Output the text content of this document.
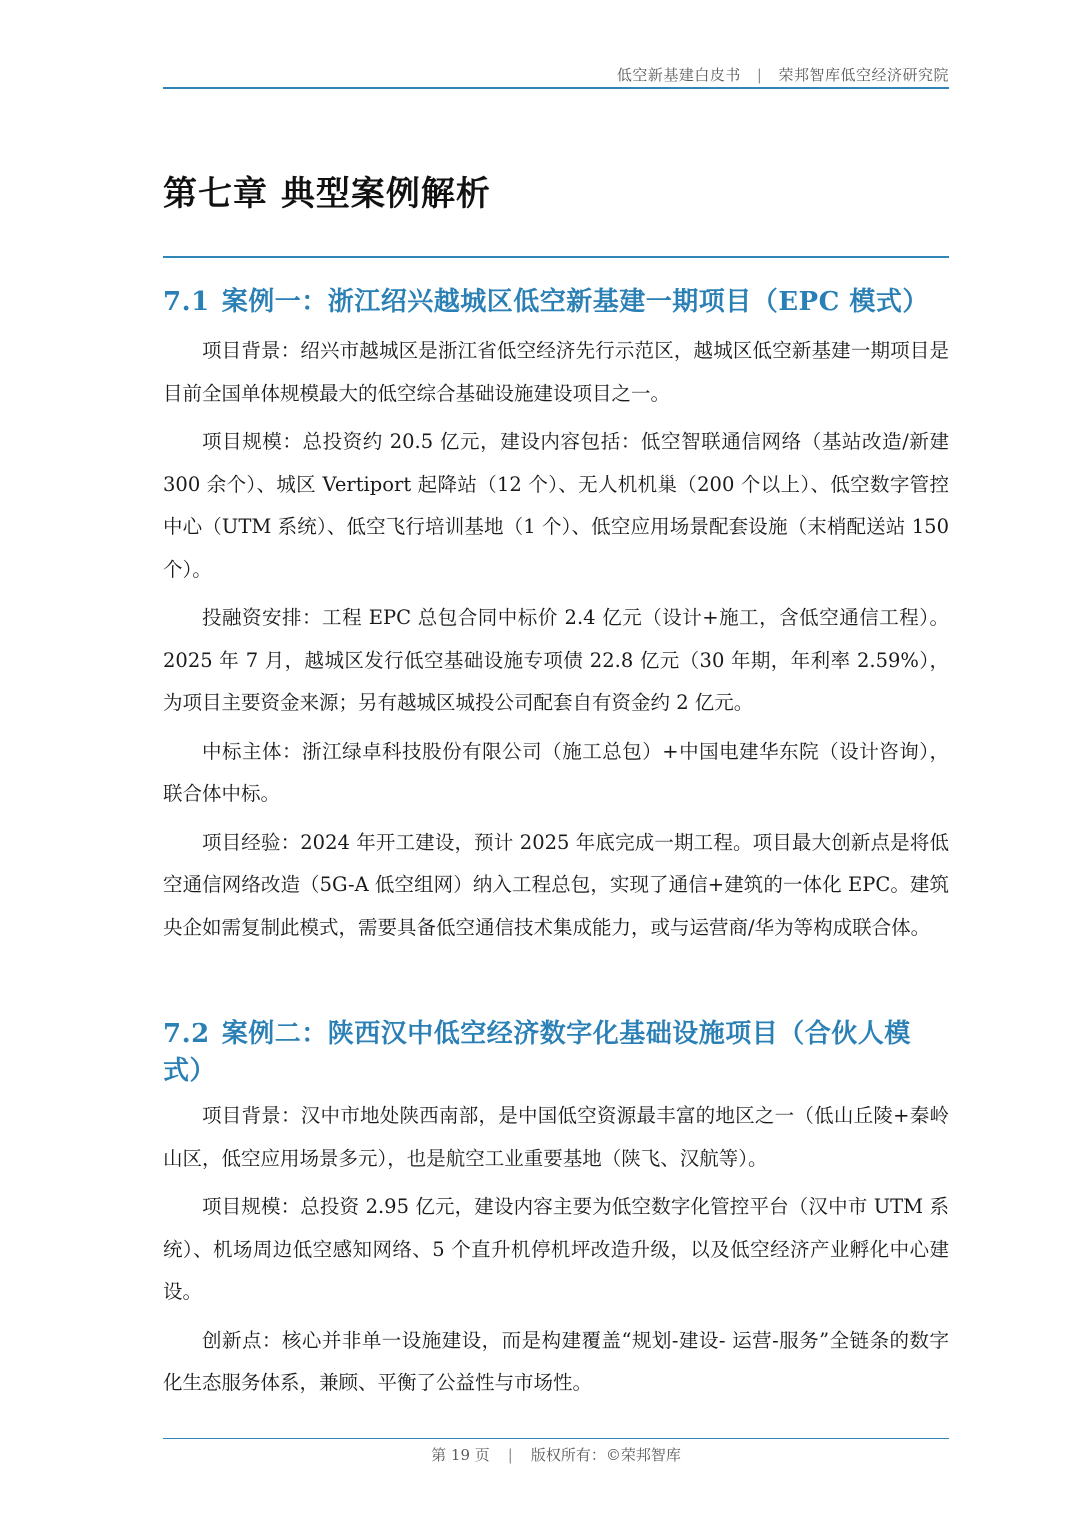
低空新基建白皮书 | 荣邦智库低空经济研究院
第七章 典型案例解析
7.1 案例一：浙江绍兴越城区低空新基建一期项目（EPC 模式）

项目背景：绍兴市越城区是浙江省低空经济先行示范区，越城区低空新基建一期项目是目前全国单体规模最大的低空综合基础设施建设项目之一。

项目规模：总投资约 20.5 亿元，建设内容包括：低空智联通信网络（基站改造/新建 300 余个）、城区 Vertiport 起降站（12 个）、无人机机巢（200 个以上）、低空数字管控中心（UTM 系统）、低空飞行培训基地（1 个）、低空应用场景配套设施（末梢配送站 150 个）。

投融资安排：工程 EPC 总包合同中标价 2.4 亿元（设计+施工，含低空通信工程）。2025 年 7 月，越城区发行低空基础设施专项债 22.8 亿元（30 年期，年利率 2.59%），为项目主要资金来源；另有越城区城投公司配套自有资金约 2 亿元。

中标主体：浙江绿卓科技股份有限公司（施工总包）+中国电建华东院（设计咨询），联合体中标。

项目经验：2024 年开工建设，预计 2025 年底完成一期工程。项目最大创新点是将低空通信网络改造（5G-A 低空组网）纳入工程总包，实现了通信+建筑的一体化 EPC。建筑央企如需复制此模式，需要具备低空通信技术集成能力，或与运营商/华为等构成联合体。

7.2 案例二：陕西汉中低空经济数字化基础设施项目（合伙人模式）

项目背景：汉中市地处陕西南部，是中国低空资源最丰富的地区之一（低山丘陵+秦岭山区，低空应用场景多元），也是航空工业重要基地（陕飞、汉航等）。

项目规模：总投资 2.95 亿元，建设内容主要为低空数字化管控平台（汉中市 UTM 系统）、机场周边低空感知网络、5 个直升机停机坪改造升级，以及低空经济产业孵化中心建设。

创新点：核心并非单一设施建设，而是构建覆盖“规划-建设- 运营-服务”全链条的数字化生态服务体系，兼顾、平衡了公益性与市场性。

第 19 页 | 版权所有：©荣邦智库
